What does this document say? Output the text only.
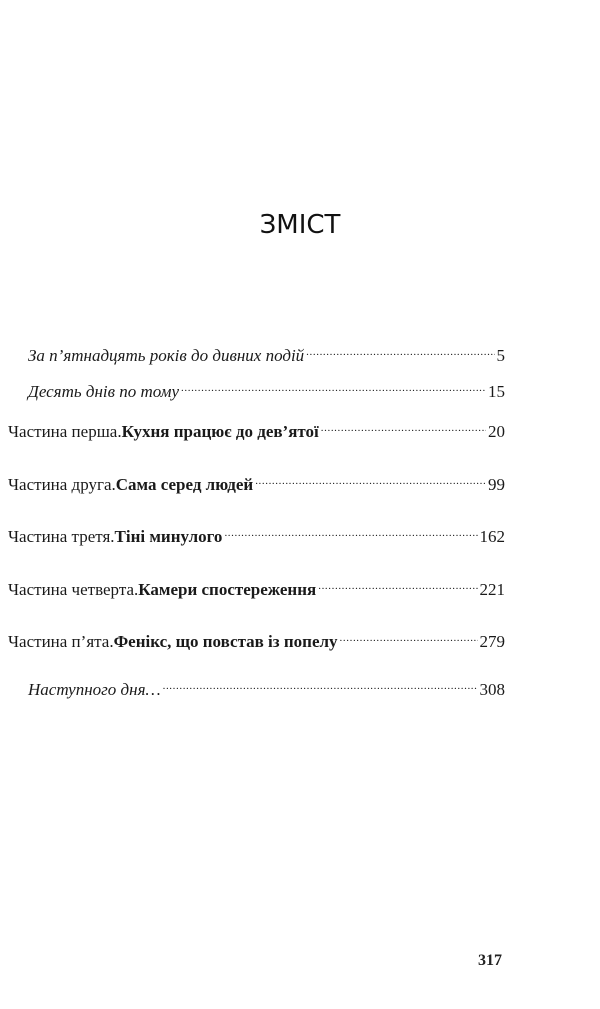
ЗМІСТ
За п’ятнадцять років до дивних подій .....	5
Десять днів по тому .....	15
Частина перша. Кухня працює до дев’ятої .....	20
Частина друга. Сама серед людей .....	99
Частина третя. Тіні минулого .....	162
Частина четверта. Камери спостереження .....	221
Частина п’ята. Фенікс, що повстав із попелу .....	279
Наступного дня… .....	308
317
